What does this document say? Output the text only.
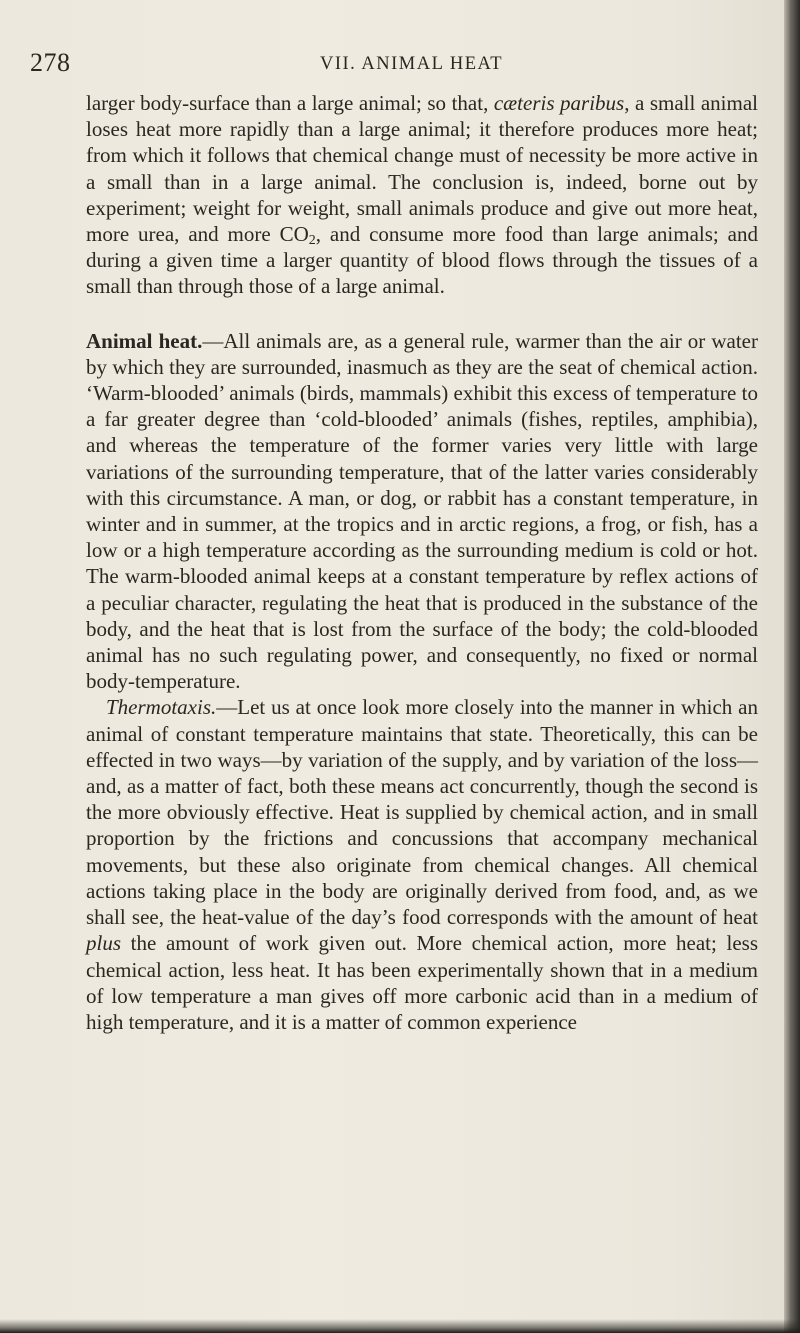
278	VII. ANIMAL HEAT

larger body-surface than a large animal; so that, cæteris paribus, a small animal loses heat more rapidly than a large animal; it therefore produces more heat; from which it follows that chemical change must of necessity be more active in a small than in a large animal. The conclusion is, indeed, borne out by experiment; weight for weight, small animals produce and give out more heat, more urea, and more $CO_2$, and consume more food than large animals; and during a given time a larger quantity of blood flows through the tissues of a small than through those of a large animal.

Animal heat.—All animals are, as a general rule, warmer than the air or water by which they are surrounded, inasmuch as they are the seat of chemical action. ‘Warm-blooded’ animals (birds, mammals) exhibit this excess of temperature to a far greater degree than ‘cold-blooded’ animals (fishes, reptiles, amphibia), and whereas the temperature of the former varies very little with large variations of the surrounding temperature, that of the latter varies considerably with this circumstance. A man, or dog, or rabbit has a constant temperature, in winter and in summer, at the tropics and in arctic regions, a frog, or fish, has a low or a high temperature according as the surrounding medium is cold or hot. The warm-blooded animal keeps at a constant temperature by reflex actions of a peculiar character, regulating the heat that is produced in the substance of the body, and the heat that is lost from the surface of the body; the cold-blooded animal has no such regulating power, and consequently, no fixed or normal body-temperature.

Thermotaxis.—Let us at once look more closely into the manner in which an animal of constant temperature maintains that state. Theoretically, this can be effected in two ways—by variation of the supply, and by variation of the loss—and, as a matter of fact, both these means act concurrently, though the second is the more obviously effective. Heat is supplied by chemical action, and in small proportion by the frictions and concussions that accompany mechanical movements, but these also originate from chemical changes. All chemical actions taking place in the body are originally derived from food, and, as we shall see, the heat-value of the day’s food corresponds with the amount of heat plus the amount of work given out. More chemical action, more heat; less chemical action, less heat. It has been experimentally shown that in a medium of low temperature a man gives off more carbonic acid than in a medium of high temperature, and it is a matter of common experience
